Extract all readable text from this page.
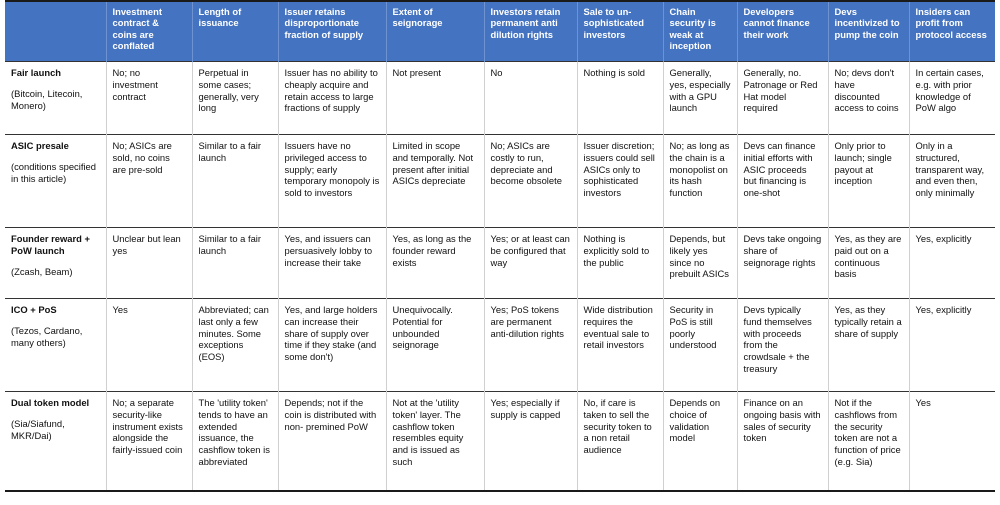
	Investment contract & coins are conflated	Length of issuance	Issuer retains disproportionate fraction of supply	Extent of seignorage	Investors retain permanent anti dilution rights	Sale to un-sophisticated investors	Chain security is weak at inception	Developers cannot finance their work	Devs incentivized to pump the coin	Insiders can profit from protocol access

Fair launch
(Bitcoin, Litecoin, Monero)	No; no investment contract	Perpetual in some cases; generally, very long	Issuer has no ability to cheaply acquire and retain access to large fractions of supply	Not present	No	Nothing is sold	Generally, yes, especially with a GPU launch	Generally, no. Patronage or Red Hat model required	No; devs don't have discounted access to coins	In certain cases, e.g. with prior knowledge of PoW algo

ASIC presale
(conditions specified in this article)	No; ASICs are sold, no coins are pre-sold	Similar to a fair launch	Issuers have no privileged access to supply; early temporary monopoly is sold to investors	Limited in scope and temporally. Not present after initial ASICs depreciate	No; ASICs are costly to run, depreciate and become obsolete	Issuer discretion; issuers could sell ASICs only to sophisticated investors	No; as long as the chain is a monopolist on its hash function	Devs can finance initial efforts with ASIC proceeds but financing is one-shot	Only prior to launch; single payout at inception	Only in a structured, transparent way, and even then, only minimally

Founder reward + PoW launch
(Zcash, Beam)	Unclear but lean yes	Similar to a fair launch	Yes, and issuers can persuasively lobby to increase their take	Yes, as long as the founder reward exists	Yes; or at least can be configured that way	Nothing is explicitly sold to the public	Depends, but likely yes since no prebuilt ASICs	Devs take ongoing share of seignorage rights	Yes, as they are paid out on a continuous basis	Yes, explicitly

ICO + PoS
(Tezos, Cardano, many others)	Yes	Abbreviated; can last only a few minutes. Some exceptions (EOS)	Yes, and large holders can increase their share of supply over time if they stake (and some don't)	Unequivocally. Potential for unbounded seignorage	Yes; PoS tokens are permanent anti-dilution rights	Wide distribution requires the eventual sale to retail investors	Security in PoS is still poorly understood	Devs typically fund themselves with proceeds from the crowdsale + the treasury	Yes, as they typically retain a share of supply	Yes, explicitly

Dual token model
(Sia/Siafund, MKR/Dai)	No; a separate security-like instrument exists alongside the fairly-issued coin	The 'utility token' tends to have an extended issuance, the cashflow token is abbreviated	Depends; not if the coin is distributed with non- premined PoW	Not at the 'utility token' layer. The cashflow token resembles equity and is issued as such	Yes; especially if supply is capped	No, if care is taken to sell the security token to a non retail audience	Depends on choice of validation model	Finance on an ongoing basis with sales of security token	Not if the cashflows from the security token are not a function of price (e.g. Sia)	Yes
